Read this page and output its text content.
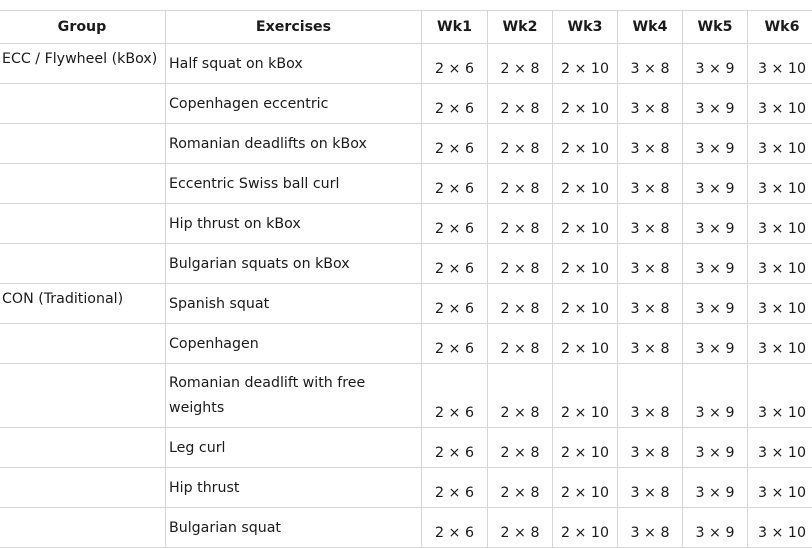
Group	Exercises	Wk1	Wk2	Wk3	Wk4	Wk5	Wk6
ECC / Flywheel (kBox)	Half squat on kBox	2 × 6	2 × 8	2 × 10	3 × 8	3 × 9	3 × 10
	Copenhagen eccentric	2 × 6	2 × 8	2 × 10	3 × 8	3 × 9	3 × 10
	Romanian deadlifts on kBox	2 × 6	2 × 8	2 × 10	3 × 8	3 × 9	3 × 10
	Eccentric Swiss ball curl	2 × 6	2 × 8	2 × 10	3 × 8	3 × 9	3 × 10
	Hip thrust on kBox	2 × 6	2 × 8	2 × 10	3 × 8	3 × 9	3 × 10
	Bulgarian squats on kBox	2 × 6	2 × 8	2 × 10	3 × 8	3 × 9	3 × 10
CON (Traditional)	Spanish squat	2 × 6	2 × 8	2 × 10	3 × 8	3 × 9	3 × 10
	Copenhagen	2 × 6	2 × 8	2 × 10	3 × 8	3 × 9	3 × 10
	Romanian deadlift with free weights	2 × 6	2 × 8	2 × 10	3 × 8	3 × 9	3 × 10
	Leg curl	2 × 6	2 × 8	2 × 10	3 × 8	3 × 9	3 × 10
	Hip thrust	2 × 6	2 × 8	2 × 10	3 × 8	3 × 9	3 × 10
	Bulgarian squat	2 × 6	2 × 8	2 × 10	3 × 8	3 × 9	3 × 10
